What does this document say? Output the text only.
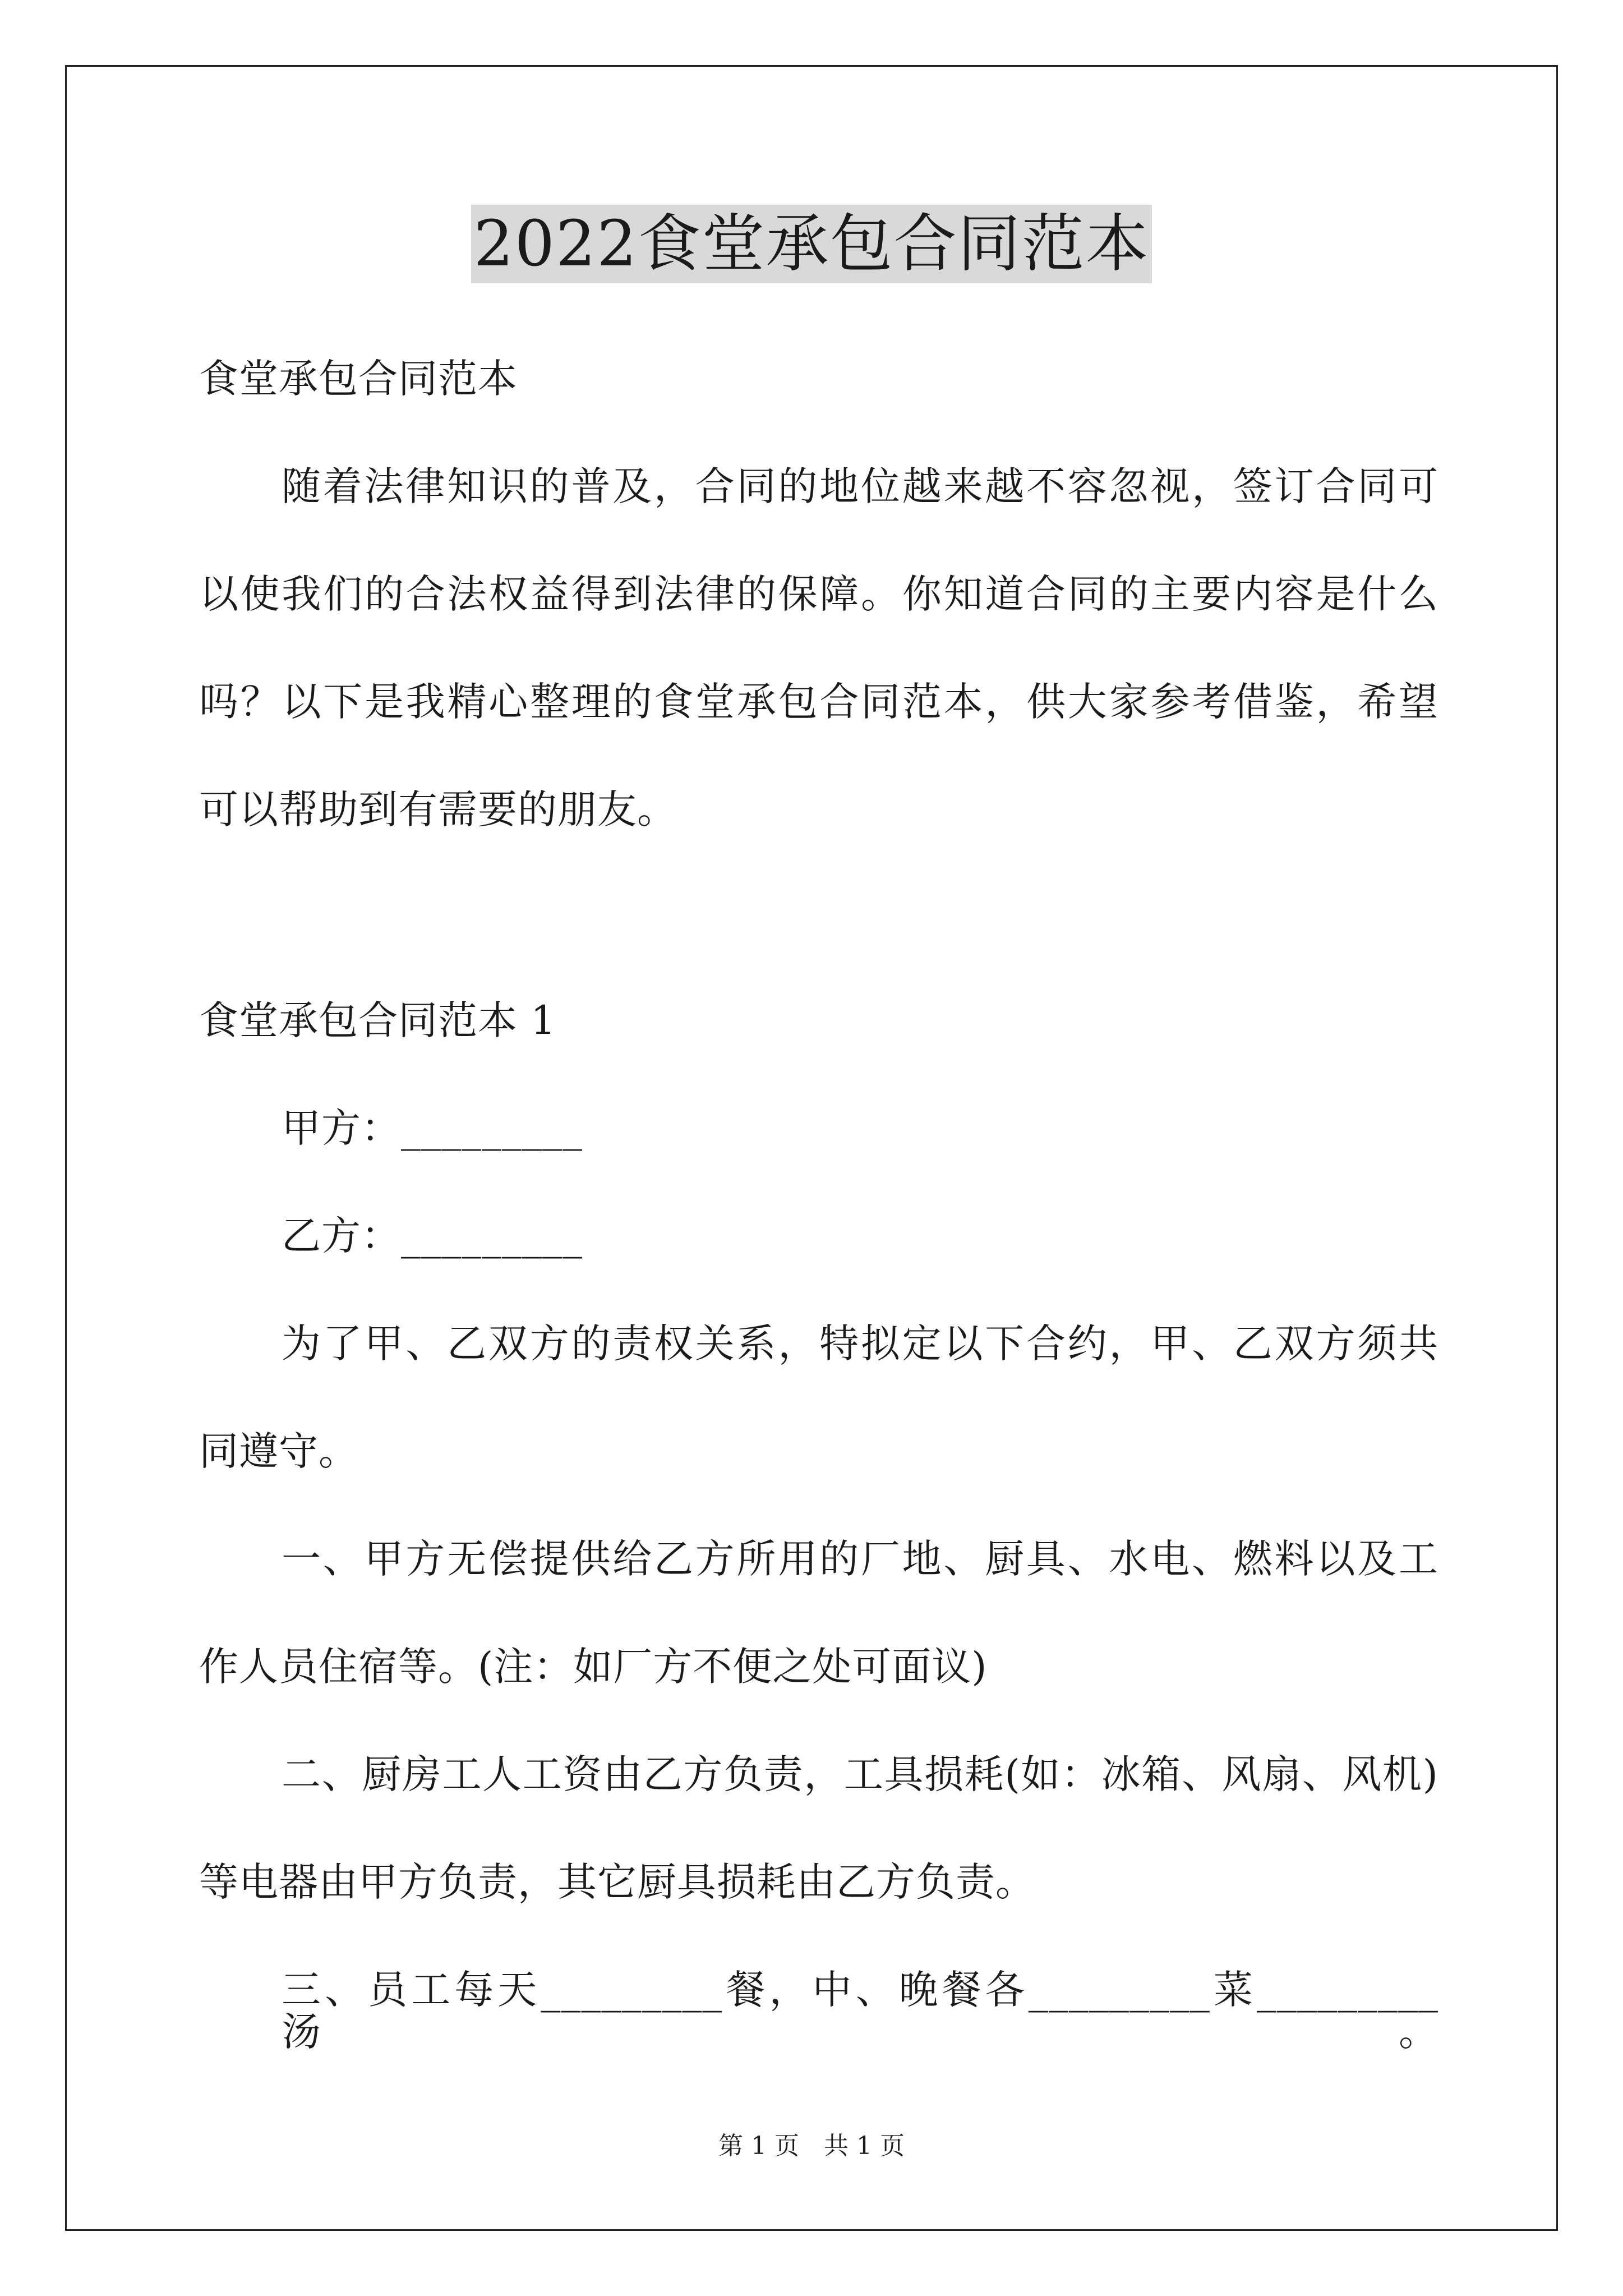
2022食堂承包合同范本
食堂承包合同范本
随着法律知识的普及，合同的地位越来越不容忽视，签订合同可
以使我们的合法权益得到法律的保障。你知道合同的主要内容是什么
吗？以下是我精心整理的食堂承包合同范本，供大家参考借鉴，希望
可以帮助到有需要的朋友。
食堂承包合同范本 1
甲方：_________
乙方：_________
为了甲、乙双方的责权关系，特拟定以下合约，甲、乙双方须共
同遵守。
一、甲方无偿提供给乙方所用的厂地、厨具、水电、燃料以及工
作人员住宿等。(注：如厂方不便之处可面议)
二、厨房工人工资由乙方负责，工具损耗(如：冰箱、风扇、风机)
等电器由甲方负责，其它厨具损耗由乙方负责。
三、员工每天_________餐，中、晚餐各_________菜_________汤。
第 1 页　共 1 页
